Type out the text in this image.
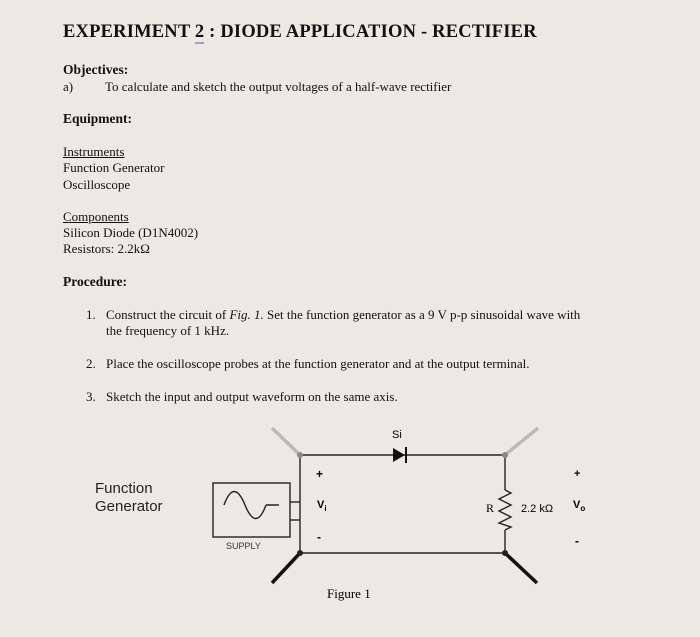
EXPERIMENT 2 : DIODE APPLICATION - RECTIFIER
Objectives:
a) To calculate and sketch the output voltages of a half-wave rectifier
Equipment:
Instruments
Function Generator
Oscilloscope
Components
Silicon Diode (D1N4002)
Resistors: 2.2kΩ
Procedure:
1. Construct the circuit of Fig. 1. Set the function generator as a 9 V p-p sinusoidal wave with
the frequency of 1 kHz.
2. Place the oscilloscope probes at the function generator and at the output terminal.
3. Sketch the input and output waveform on the same axis.
Si
+
$V_i$
-
R 2.2 kΩ
+
$V_o$
-
Function
Generator
SUPPLY
Figure 1
